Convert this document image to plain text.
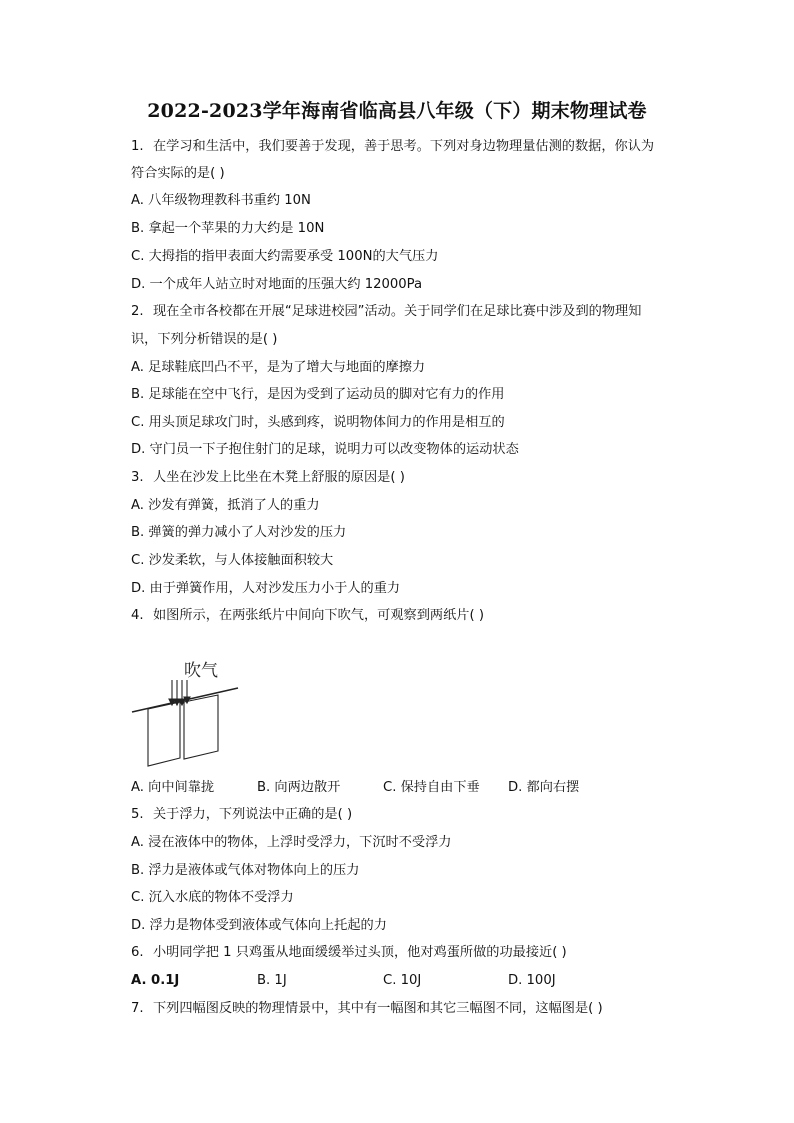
2022-2023学年海南省临高县八年级（下）期末物理试卷
1. 在学习和生活中，我们要善于发现，善于思考。下列对身边物理量估测的数据，你认为
符合实际的是( )
A. 八年级物理教科书重约 10N
B. 拿起一个苹果的力大约是 10N
C. 大拇指的指甲表面大约需要承受 100N的大气压力
D. 一个成年人站立时对地面的压强大约 12000Pa
2. 现在全市各校都在开展“足球进校园”活动。关于同学们在足球比赛中涉及到的物理知
识，下列分析错误的是( )
A. 足球鞋底凹凸不平，是为了增大与地面的摩擦力
B. 足球能在空中飞行，是因为受到了运动员的脚对它有力的作用
C. 用头顶足球攻门时，头感到疼，说明物体间力的作用是相互的
D. 守门员一下子抱住射门的足球，说明力可以改变物体的运动状态
3. 人坐在沙发上比坐在木凳上舒服的原因是( )
A. 沙发有弹簧，抵消了人的重力
B. 弹簧的弹力减小了人对沙发的压力
C. 沙发柔软，与人体接触面积较大
D. 由于弹簧作用，人对沙发压力小于人的重力
4. 如图所示，在两张纸片中间向下吹气，可观察到两纸片( )
吹气
A. 向中间靠拢	B. 向两边散开	C. 保持自由下垂 D. 都向右摆
5. 关于浮力，下列说法中正确的是( )
A. 浸在液体中的物体，上浮时受浮力，下沉时不受浮力
B. 浮力是液体或气体对物体向上的压力
C. 沉入水底的物体不受浮力
D. 浮力是物体受到液体或气体向上托起的力
6. 小明同学把 1 只鸡蛋从地面缓缓举过头顶，他对鸡蛋所做的功最接近( )
A. 0.1J	B. 1J	C. 10J	D. 100J
7. 下列四幅图反映的物理情景中，其中有一幅图和其它三幅图不同，这幅图是( )
